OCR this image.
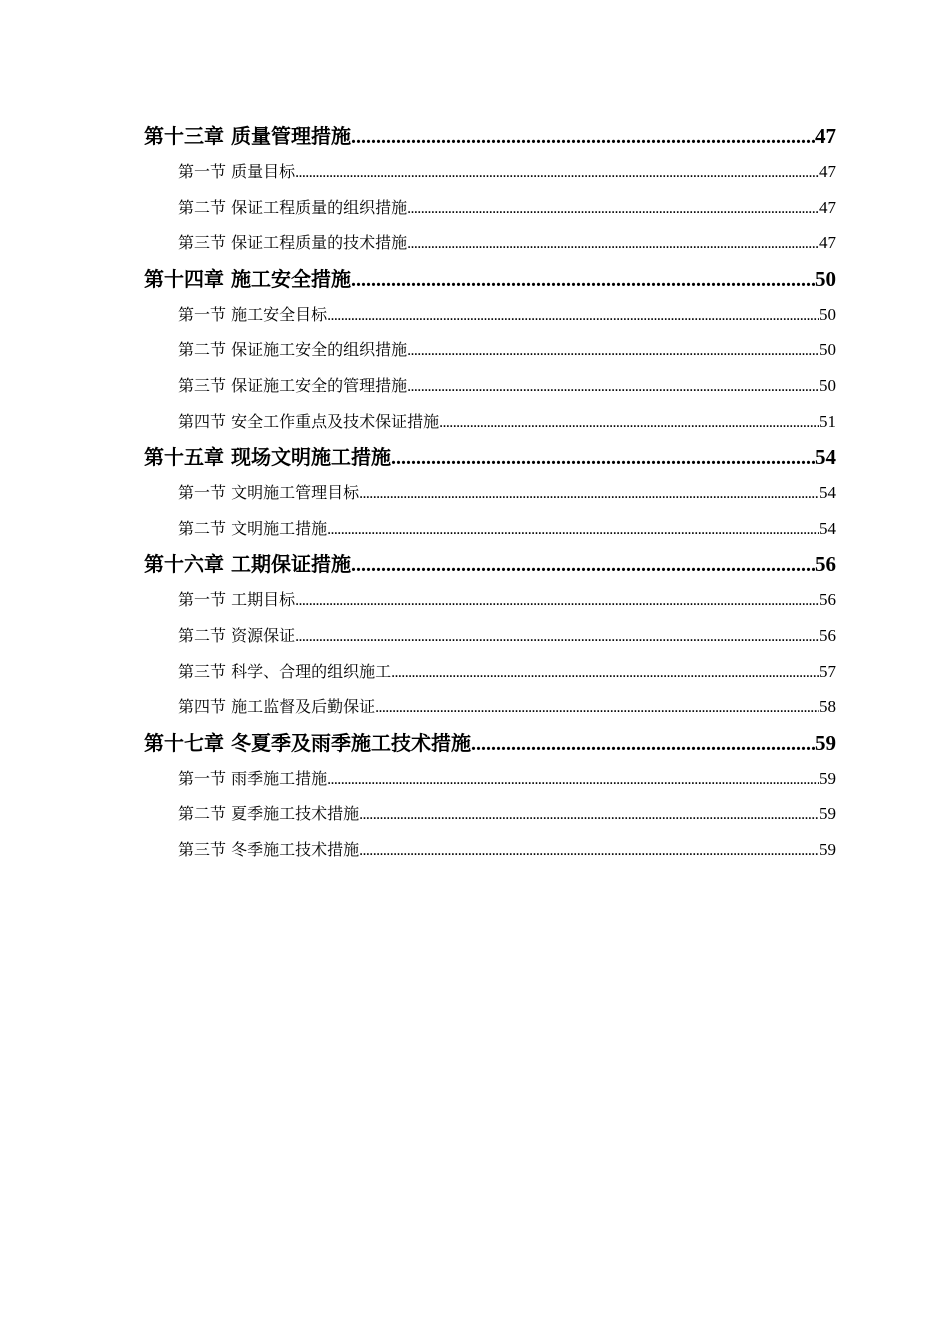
第十三章 质量管理措施 .....	47
第一节 质量目标 .....	47
第二节 保证工程质量的组织措施 .....	47
第三节 保证工程质量的技术措施 .....	47
第十四章 施工安全措施 .....	50
第一节 施工安全目标 .....	50
第二节 保证施工安全的组织措施 .....	50
第三节 保证施工安全的管理措施 .....	50
第四节 安全工作重点及技术保证措施 .....	51
第十五章 现场文明施工措施 .....	54
第一节 文明施工管理目标 .....	54
第二节 文明施工措施 .....	54
第十六章 工期保证措施 .....	56
第一节 工期目标 .....	56
第二节 资源保证 .....	56
第三节 科学、合理的组织施工 .....	57
第四节 施工监督及后勤保证 .....	58
第十七章 冬夏季及雨季施工技术措施 .....	59
第一节 雨季施工措施 .....	59
第二节 夏季施工技术措施 .....	59
第三节 冬季施工技术措施 .....	59
